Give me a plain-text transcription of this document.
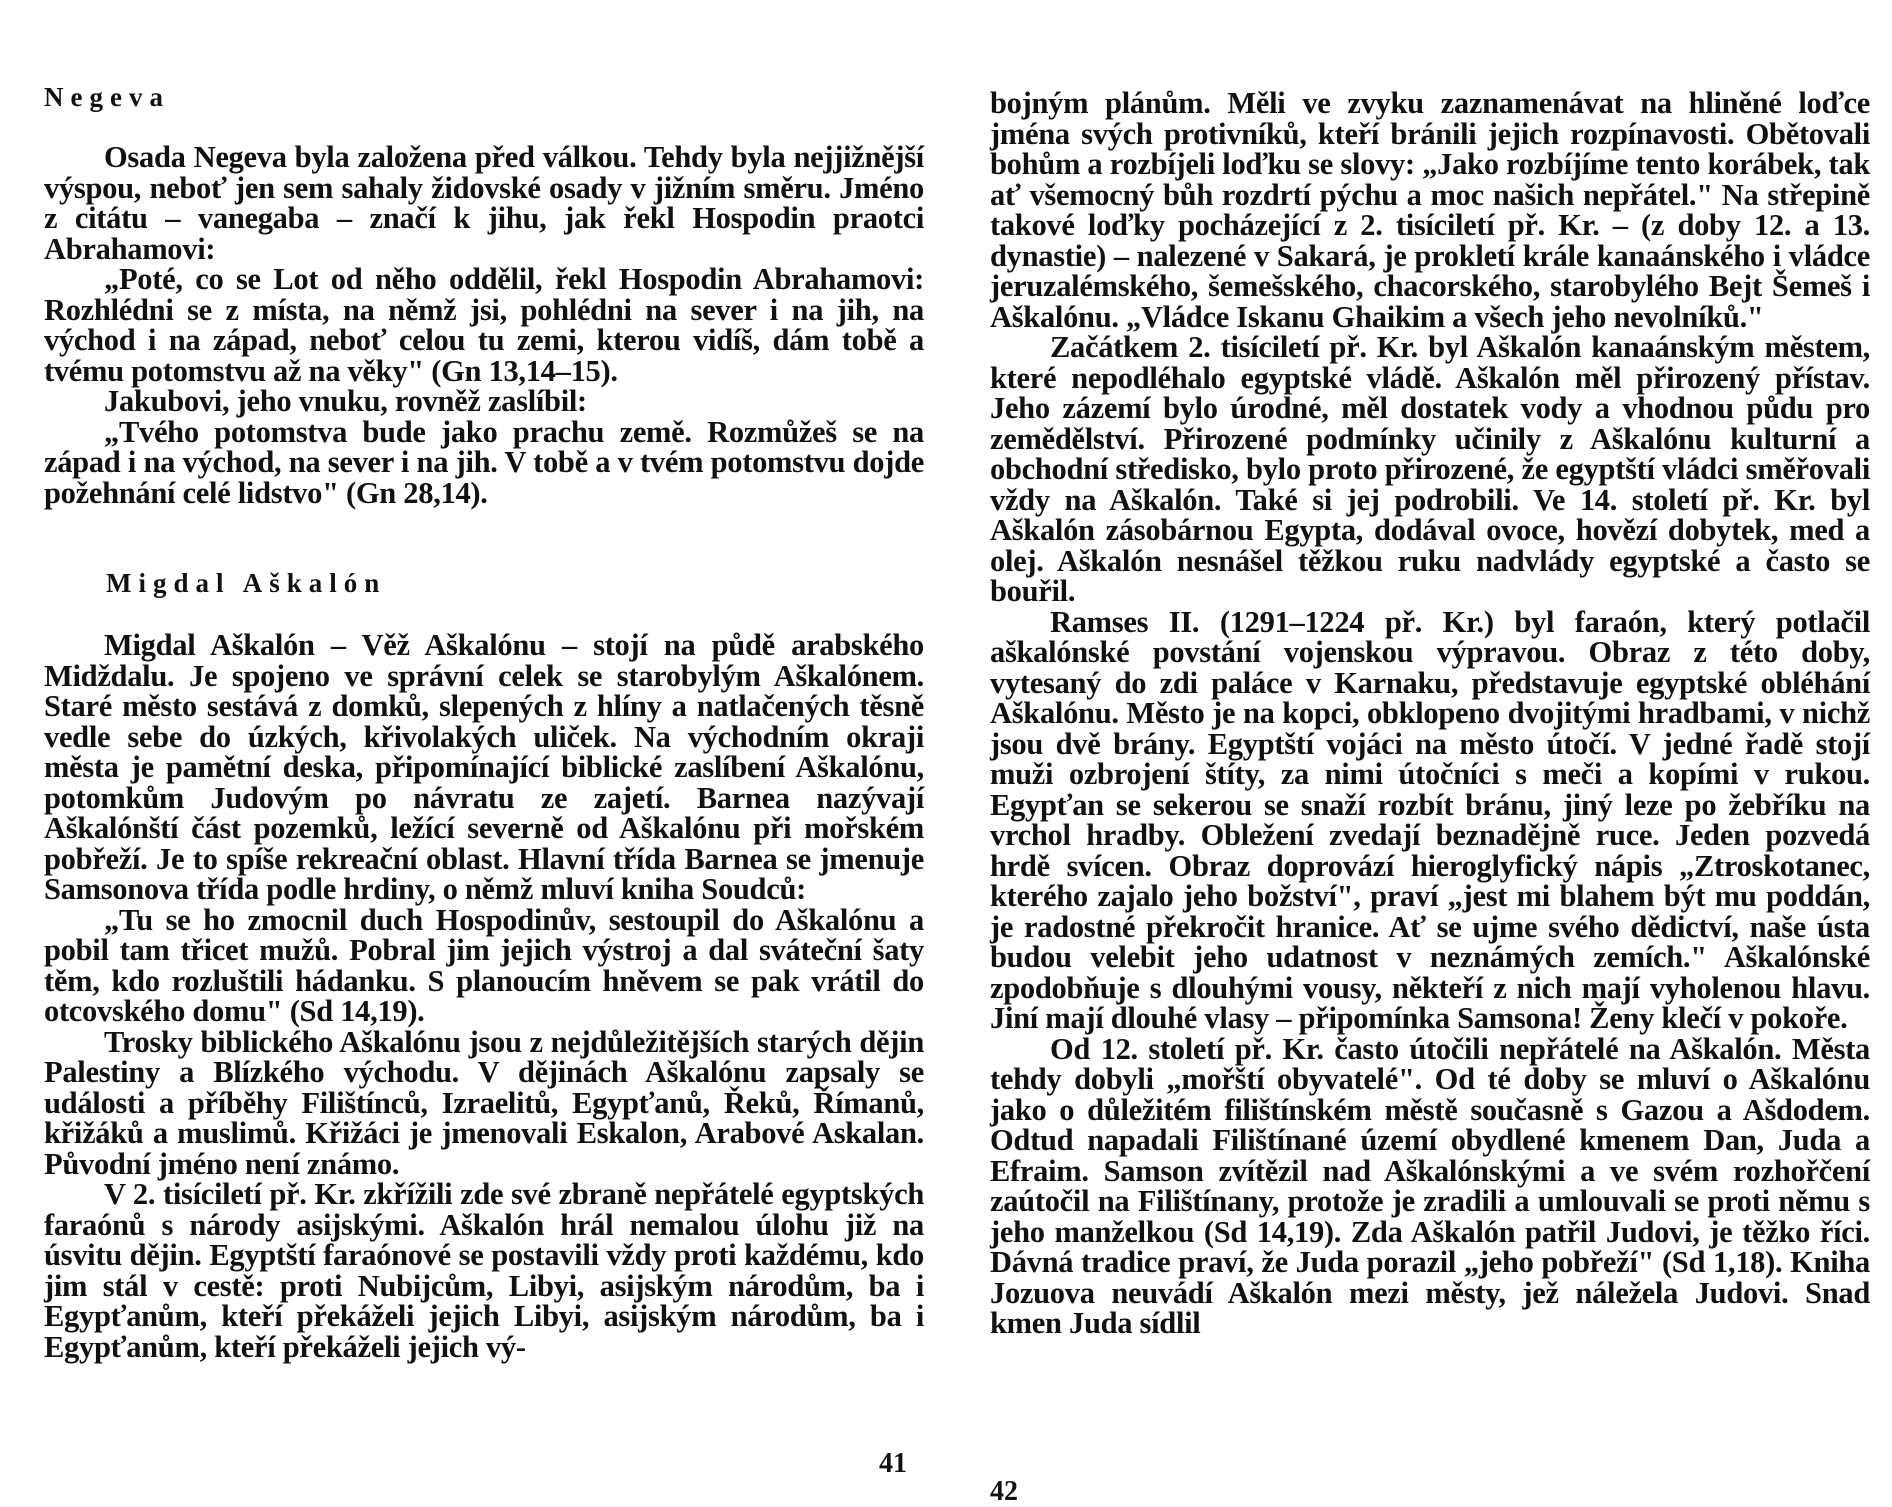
Negeva

Osada Negeva byla založena před válkou. Tehdy byla nejjižnější výspou, neboť jen sem sahaly židovské osady v jižním směru. Jméno z citátu – vanegaba – značí k jihu, jak řekl Hospodin praotci Abrahamovi:

„Poté, co se Lot od něho oddělil, řekl Hospodin Abrahamovi: Rozhlédni se z místa, na němž jsi, pohlédni na sever i na jih, na východ i na západ, neboť celou tu zemi, kterou vidíš, dám tobě a tvému potomstvu až na věky" (Gn 13,14–15).

Jakubovi, jeho vnuku, rovněž zaslíbil:

„Tvého potomstva bude jako prachu země. Rozmůžeš se na západ i na východ, na sever i na jih. V tobě a v tvém potomstvu dojde požehnání celé lidstvo" (Gn 28,14).

Migdal Aškalón

Migdal Aškalón – Věž Aškalónu – stojí na půdě arabského Midždalu. Je spojeno ve správní celek se starobylým Aškalónem. Staré město sestává z domků, slepených z hlíny a natlačených těsně vedle sebe do úzkých, křivolakých uliček. Na východním okraji města je pamětní deska, připomínající biblické zaslíbení Aškalónu, potomkům Judovým po návratu ze zajetí. Barnea nazývají Aškalónští část pozemků, ležící severně od Aškalónu při mořském pobřeží. Je to spíše rekreační oblast. Hlavní třída Barnea se jmenuje Samsonova třída podle hrdiny, o němž mluví kniha Soudců:

„Tu se ho zmocnil duch Hospodinův, sestoupil do Aškalónu a pobil tam třicet mužů. Pobral jim jejich výstroj a dal sváteční šaty těm, kdo rozluštili hádanku. S planoucím hněvem se pak vrátil do otcovského domu" (Sd 14,19).

Trosky biblického Aškalónu jsou z nejdůležitějších starých dějin Palestiny a Blízkého východu. V dějinách Aškalónu zapsaly se události a příběhy Filištínců, Izraelitů, Egypťanů, Řeků, Římanů, křižáků a muslimů. Křižáci je jmenovali Eskalon, Arabové Askalan. Původní jméno není známo.

V 2. tisíciletí př. Kr. zkřížili zde své zbraně nepřátelé egyptských faraónů s národy asijskými. Aškalón hrál nemalou úlohu již na úsvitu dějin. Egyptští faraónové se postavili vždy proti každému, kdo jim stál v cestě: proti Nubijcům, Libyi, asijským národům, ba i Egypťanům, kteří překáželi jejich Libyi, asijským národům, ba i Egypťanům, kteří překáželi jejich vý-

41

bojným plánům. Měli ve zvyku zaznamenávat na hliněné loďce jména svých protivníků, kteří bránili jejich rozpínavosti. Obětovali bohům a rozbíjeli loďku se slovy: „Jako rozbíjíme tento korábek, tak ať všemocný bůh rozdrtí pýchu a moc našich nepřátel." Na střepině takové loďky pocházející z 2. tisíciletí př. Kr. – (z doby 12. a 13. dynastie) – nalezené v Sakará, je prokletí krále kanaánského i vládce jeruzalémského, šemešského, chacorského, starobylého Bejt Šemeš i Aškalónu. „Vládce Iskanu Ghaikim a všech jeho nevolníků."

Začátkem 2. tisíciletí př. Kr. byl Aškalón kanaánským městem, které nepodléhalo egyptské vládě. Aškalón měl přirozený přístav. Jeho zázemí bylo úrodné, měl dostatek vody a vhodnou půdu pro zemědělství. Přirozené podmínky učinily z Aškalónu kulturní a obchodní středisko, bylo proto přirozené, že egyptští vládci směřovali vždy na Aškalón. Také si jej podrobili. Ve 14. století př. Kr. byl Aškalón zásobárnou Egypta, dodával ovoce, hovězí dobytek, med a olej. Aškalón nesnášel těžkou ruku nadvlády egyptské a často se bouřil.

Ramses II. (1291–1224 př. Kr.) byl faraón, který potlačil aškalónské povstání vojenskou výpravou. Obraz z této doby, vytesaný do zdi paláce v Karnaku, představuje egyptské obléhání Aškalónu. Město je na kopci, obklopeno dvojitými hradbami, v nichž jsou dvě brány. Egyptští vojáci na město útočí. V jedné řadě stojí muži ozbrojení štíty, za nimi útočníci s meči a kopími v rukou. Egypťan se sekerou se snaží rozbít bránu, jiný leze po žebříku na vrchol hradby. Obležení zvedají beznadějně ruce. Jeden pozvedá hrdě svícen. Obraz doprovází hieroglyfický nápis „Ztroskotanec, kterého zajalo jeho božství", praví „jest mi blahem být mu poddán, je radostné překročit hranice. Ať se ujme svého dědictví, naše ústa budou velebit jeho udatnost v neznámých zemích." Aškalónské zpodobňuje s dlouhými vousy, někteří z nich mají vyholenou hlavu. Jiní mají dlouhé vlasy – připomínka Samsona! Ženy klečí v pokoře.

Od 12. století př. Kr. často útočili nepřátelé na Aškalón. Města tehdy dobyli „mořští obyvatelé". Od té doby se mluví o Aškalónu jako o důležitém filištínském městě současně s Gazou a Ašdodem. Odtud napadali Filištínané území obydlené kmenem Dan, Juda a Efraim. Samson zvítězil nad Aškalónskými a ve svém rozhořčení zaútočil na Filištínany, protože je zradili a umlouvali se proti němu s jeho manželkou (Sd 14,19). Zda Aškalón patřil Judovi, je těžko říci. Dávná tradice praví, že Juda porazil „jeho pobřeží" (Sd 1,18). Kniha Jozuova neuvádí Aškalón mezi městy, jež náležela Judovi. Snad kmen Juda sídlil

42
